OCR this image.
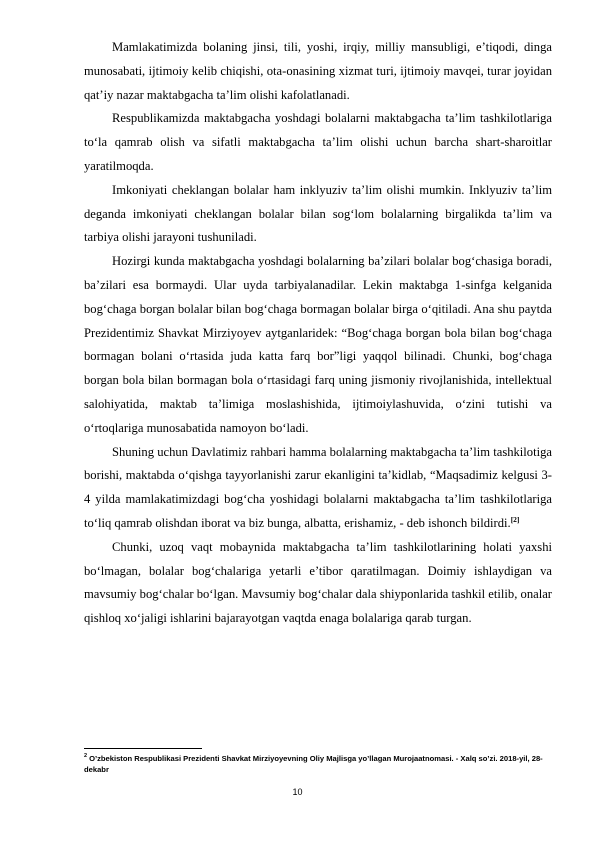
Mamlakatimizda bolaning jinsi, tili, yoshi, irqiy, milliy mansubligi, e’tiqodi, dinga munosabati, ijtimoiy kelib chiqishi, ota-onasining xizmat turi, ijtimoiy mavqei, turar joyidan qat’iy nazar maktabgacha ta’lim olishi kafolatlanadi.

Respublikamizda maktabgacha yoshdagi bolalarni maktabgacha ta’lim tashkilotlariga to‘la qamrab olish va sifatli maktabgacha ta’lim olishi uchun barcha shart-sharoitlar yaratilmoqda.

Imkoniyati cheklangan bolalar ham inklyuziv ta’lim olishi mumkin. Inklyuziv ta’lim deganda imkoniyati cheklangan bolalar bilan sog‘lom bolalarning birgalikda ta’lim va tarbiya olishi jarayoni tushuniladi.

Hozirgi kunda maktabgacha yoshdagi bolalarning ba’zilari bolalar bog‘chasiga boradi, ba’zilari esa bormaydi. Ular uyda tarbiyalanadilar. Lekin maktabga 1-sinfga kelganida bog‘chaga borgan bolalar bilan bog‘chaga bormagan bolalar birga o‘qitiladi. Ana shu paytda Prezidentimiz Shavkat Mirziyoyev aytganlaridek: “Bog‘chaga borgan bola bilan bog‘chaga bormagan bolani o‘rtasida juda katta farq bor”ligi yaqqol bilinadi. Chunki, bog‘chaga borgan bola bilan bormagan bola o‘rtasidagi farq uning jismoniy rivojlanishida, intellektual salohiyatida, maktab ta’limiga moslashishida, ijtimoiylashuvida, o‘zini tutishi va o‘rtoqlariga munosabatida namoyon bo‘ladi.

Shuning uchun Davlatimiz rahbari hamma bolalarning maktabgacha ta’lim tashkilotiga borishi, maktabda o‘qishga tayyorlanishi zarur ekanligini ta’kidlab, “Maqsadimiz kelgusi 3-4 yilda mamlakatimizdagi bog‘cha yoshidagi bolalarni maktabgacha ta’lim tashkilotlariga to‘liq qamrab olishdan iborat va biz bunga, albatta, erishamiz, - deb ishonch bildirdi.[2]

Chunki, uzoq vaqt mobaynida maktabgacha ta’lim tashkilotlarining holati yaxshi bo‘lmagan, bolalar bog‘chalariga yetarli e’tibor qaratilmagan. Doimiy ishlaydigan va mavsumiy bog‘chalar bo‘lgan. Mavsumiy bog‘chalar dala shiyponlarida tashkil etilib, onalar qishloq xo‘jaligi ishlarini bajarayotgan vaqtda enaga bolalariga qarab turgan.

$^2$ O’zbekiston Respublikasi Prezidenti Shavkat Mirziyoyevning Oliy Majlisga yo’llagan Murojaatnomasi. - Xalq so’zi. 2018-yil, 28-dekabr

10
